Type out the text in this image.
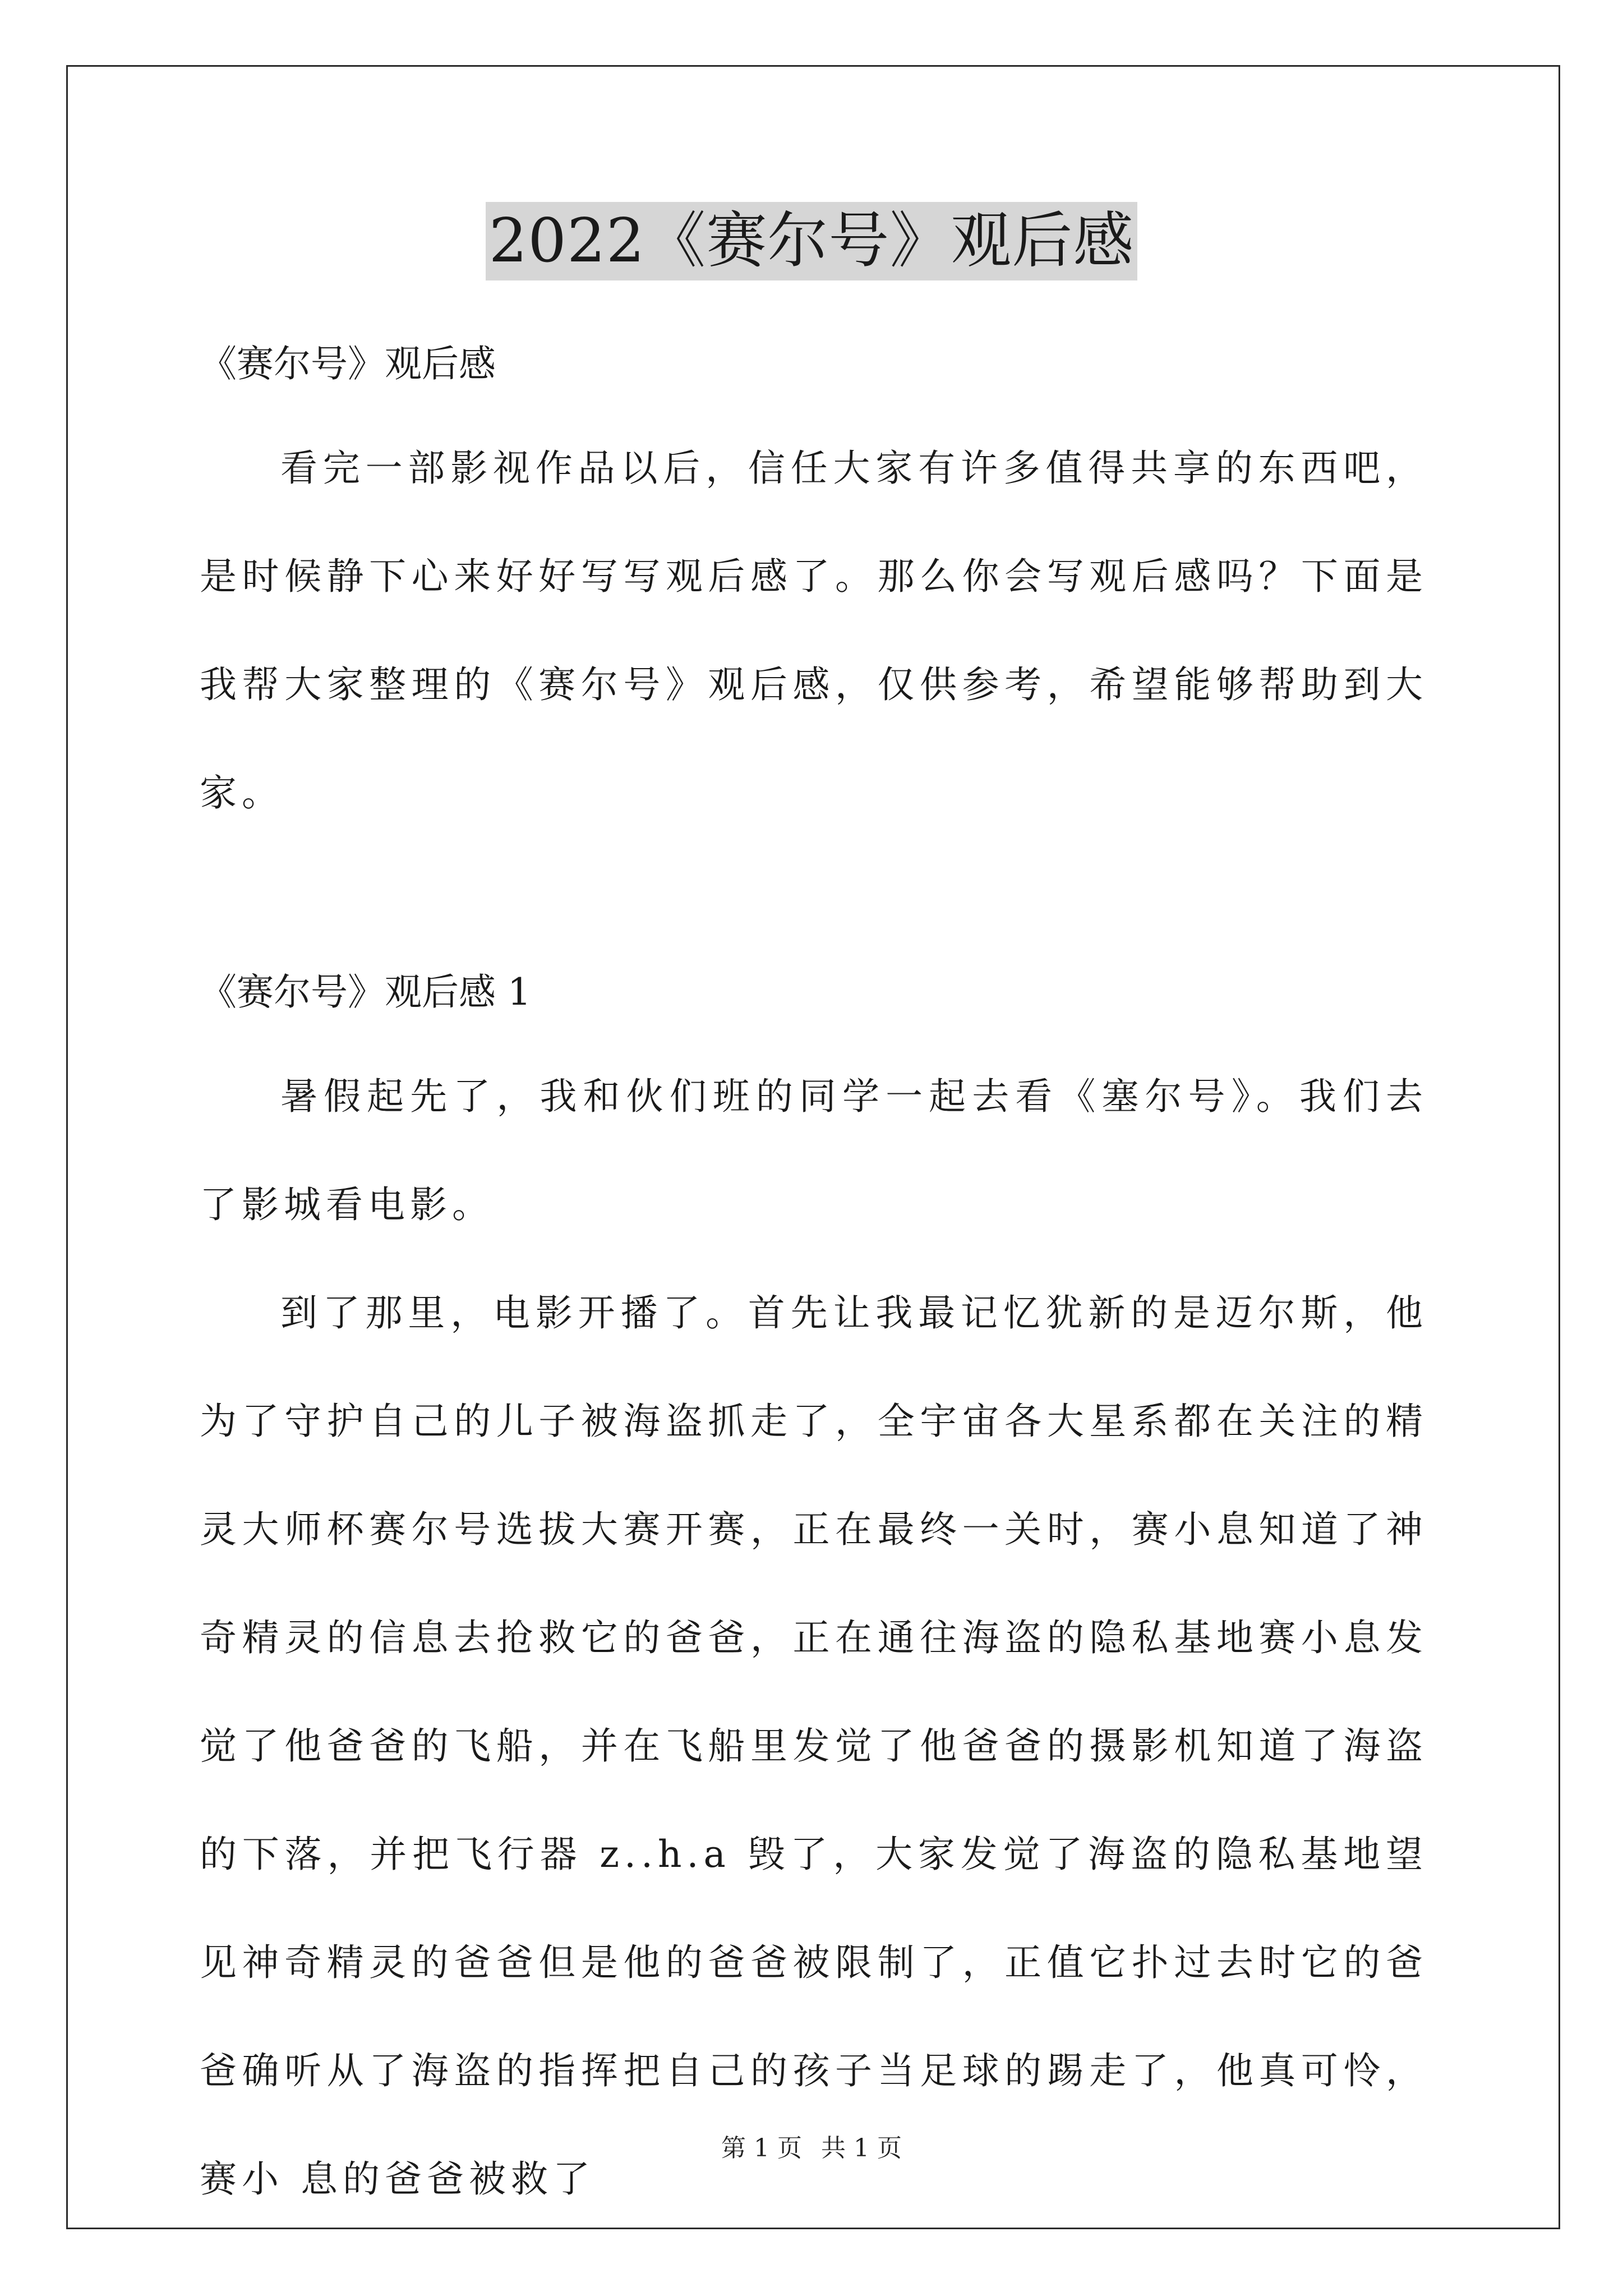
2022《赛尔号》观后感

《赛尔号》观后感

看完一部影视作品以后，信任大家有许多值得共享的东西吧，是时候静下心来好好写写观后感了。那么你会写观后感吗？下面是我帮大家整理的《赛尔号》观后感，仅供参考，希望能够帮助到大家。

《赛尔号》观后感 1

暑假起先了，我和伙们班的同学一起去看《塞尔号》。我们去了影城看电影。

到了那里，电影开播了。首先让我最记忆犹新的是迈尔斯，他为了守护自己的儿子被海盗抓走了，全宇宙各大星系都在关注的精灵大师杯赛尔号选拔大赛开赛，正在最终一关时，赛小息知道了神奇精灵的信息去抢救它的爸爸，正在通往海盗的隐私基地赛小息发觉了他爸爸的飞船，并在飞船里发觉了他爸爸的摄影机知道了海盗的下落，并把飞行器 z..h.a 毁了，大家发觉了海盗的隐私基地望见神奇精灵的爸爸但是他的爸爸被限制了，正值它扑过去时它的爸爸确听从了海盗的指挥把自己的孩子当足球的踢走了，他真可怜，赛小 息的爸爸被救了

第 1 页 共 1 页
